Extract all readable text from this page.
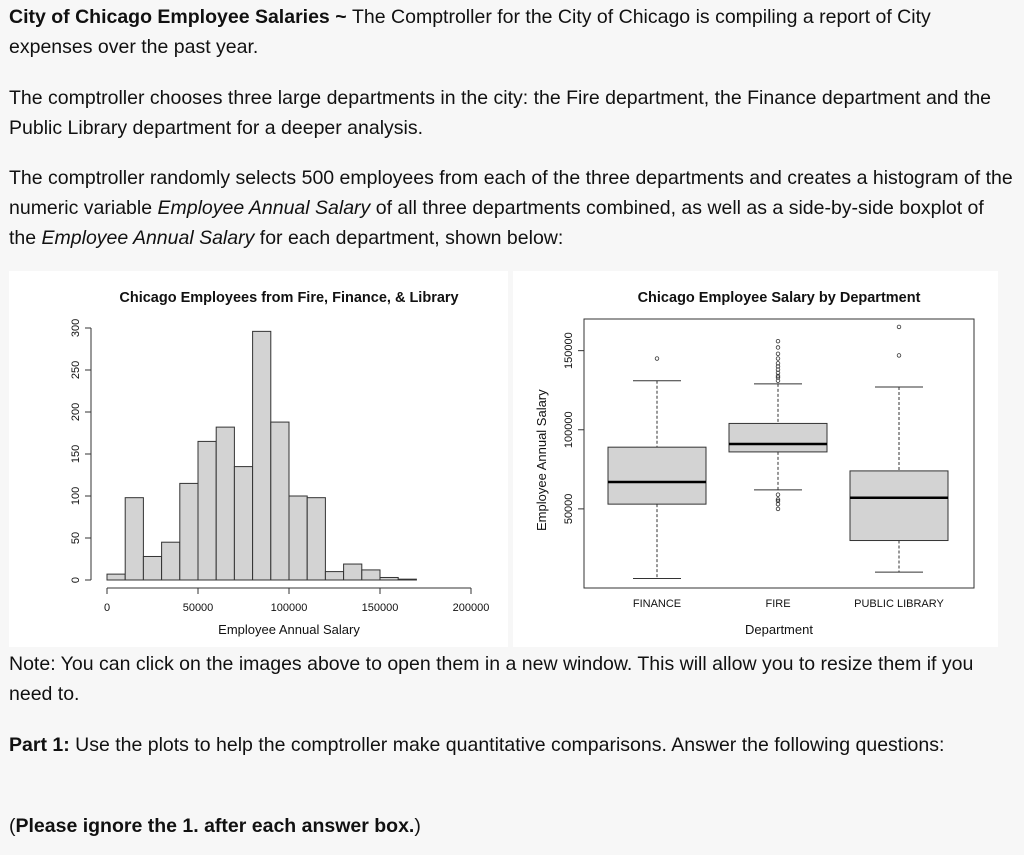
City of Chicago Employee Salaries ~ The Comptroller for the City of Chicago is compiling a report of City expenses over the past year.

The comptroller chooses three large departments in the city: the Fire department, the Finance department and the Public Library department for a deeper analysis.

The comptroller randomly selects 500 employees from each of the three departments and creates a histogram of the numeric variable Employee Annual Salary of all three departments combined, as well as a side-by-side boxplot of the Employee Annual Salary for each department, shown below:

Note: You can click on the images above to open them in a new window. This will allow you to resize them if you need to.

Part 1: Use the plots to help the comptroller make quantitative comparisons. Answer the following questions:

(Please ignore the 1. after each answer box.)

Chicago Employees from Fire, Finance, & Library
Employee Annual Salary
0	50000	100000	150000	200000
0
50
100
150
200
250
300
Chicago Employee Salary by Department
Department
Employee Annual Salary
FINANCE	FIRE	PUBLIC LIBRARY
50000
100000
150000
